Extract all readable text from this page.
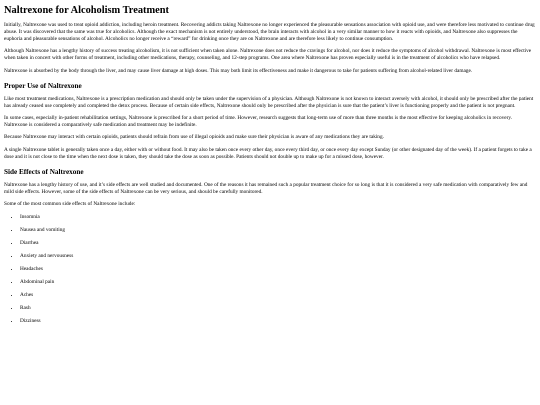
Naltrexone for Alcoholism Treatment

Initially, Naltrexone was used to treat opioid addiction, including heroin treatment. Recovering addicts taking Naltrexone no longer experienced the pleasurable sensations association with opioid use, and were therefore less motivated to continue drug abuse. It was discovered that the same was true for alcoholics. Although the exact mechanism is not entirely understood, the brain interacts with alcohol in a very similar manner to how it reacts with opioids, and Naltrexone also suppresses the euphoria and pleasurable sensations of alcohol. Alcoholics no longer receive a “reward” for drinking once they are on Naltrexone and are therefore less likely to continue consumption.

Although Naltrexone has a lengthy history of success treating alcoholism, it is not sufficient when taken alone. Naltrexone does not reduce the cravings for alcohol, nor does it reduce the symptoms of alcohol withdrawal. Naltrexone is most effective when taken in concert with other forms of treatment, including other medications, therapy, counseling, and 12-step programs. One area where Naltrexone has proven especially useful is in the treatment of alcoholics who have relapsed.

Naltrexone is absorbed by the body through the liver, and may cause liver damage at high doses. This may both limit its effectiveness and make it dangerous to take for patients suffering from alcohol-related liver damage.

Proper Use of Naltrexone

Like most treatment medications, Naltrexone is a prescription medication and should only be taken under the supervision of a physician. Although Naltrexone is not known to interact aversely with alcohol, it should only be prescribed after the patient has already ceased use completely and completed the detox process. Because of certain side effects, Naltrexone should only be prescribed after the physician is sure that the patient’s liver is functioning properly and the patient is not pregnant.

In some cases, especially in-patient rehabilitation settings, Naltrexone is prescribed for a short period of time. However, research suggests that long-term use of more than three months is the most effective for keeping alcoholics in recovery. Naltrexone is considered a comparatively safe medication and treatment may be indefinite.

Because Naltrexone may interact with certain opioids, patients should refrain from use of illegal opioids and make sure their physician is aware of any medications they are taking.

A single Naltrexone tablet is generally taken once a day, either with or without food. It may also be taken once every other day, once every third day, or once every day except Sunday (or other designated day of the week). If a patient forgets to take a dose and it is not close to the time when the next dose is taken, they should take the dose as soon as possible. Patients should not double up to make up for a missed dose, however.

Side Effects of Naltrexone

Naltrexone has a lengthy history of use, and it’s side effects are well studied and documented. One of the reasons it has remained such a popular treatment choice for so long is that it is considered a very safe medication with comparatively few and mild side effects. However, some of the side effects of Naltrexone can be very serious, and should be carefully monitored.

Some of the most common side effects of Naltrexone include:

• Insomnia
• Nausea and vomiting
• Diarrhea
• Anxiety and nervousness
• Headaches
• Abdominal pain
• Aches
• Rash
• Dizziness
